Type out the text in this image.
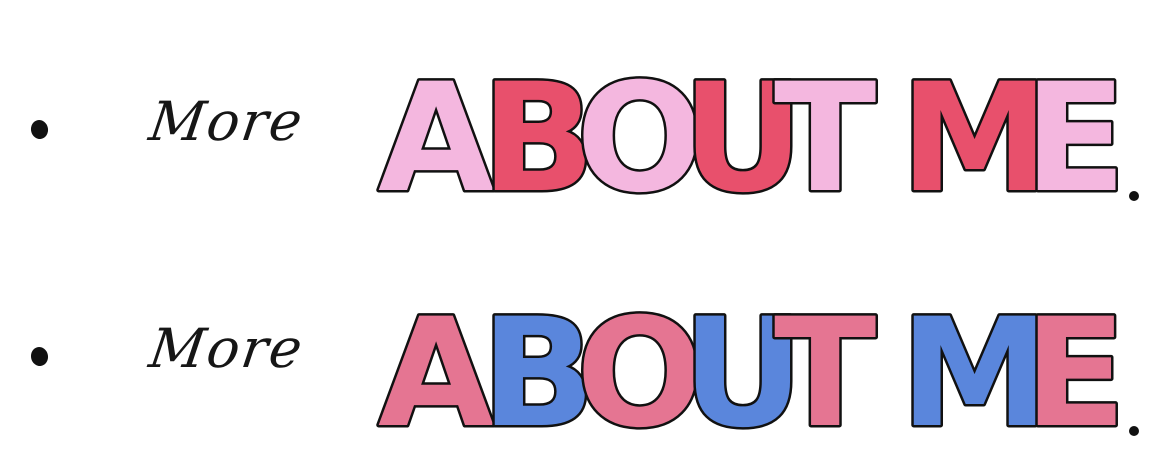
More A
B
O
U
T M
E
More A
B
O
U
T M
E
